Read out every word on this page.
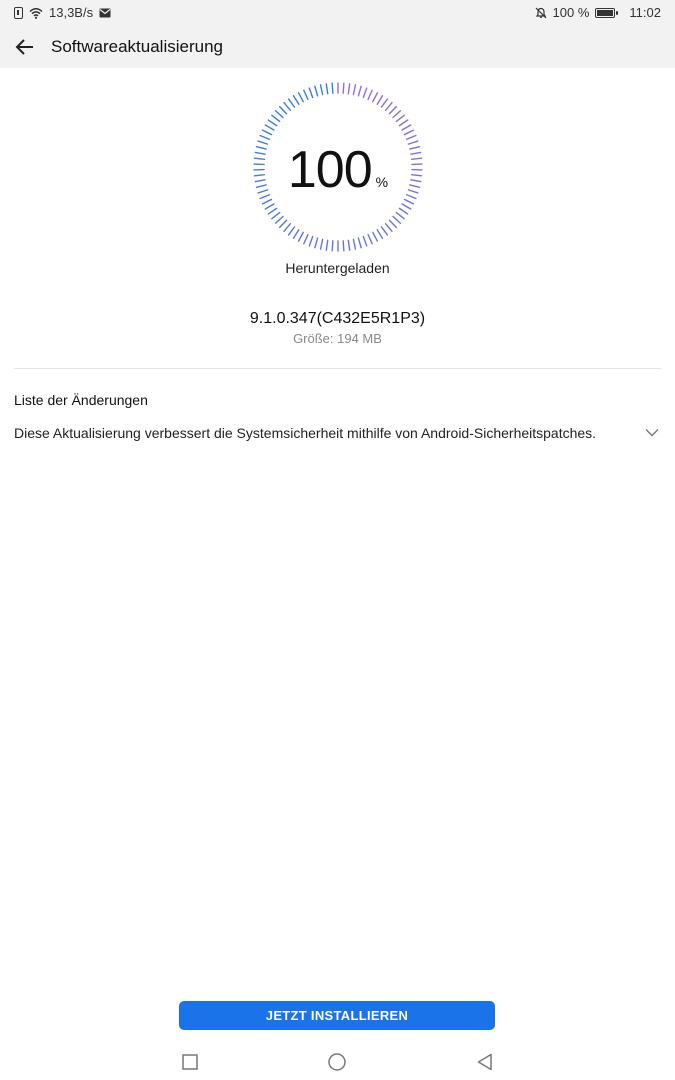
13,3B/s	100 %	11:02
Softwareaktualisierung
100 %
Heruntergeladen
9.1.0.347(C432E5R1P3)
Größe: 194 MB
Liste der Änderungen
Diese Aktualisierung verbessert die Systemsicherheit mithilfe von Android-Sicherheitspatches.
JETZT INSTALLIEREN
